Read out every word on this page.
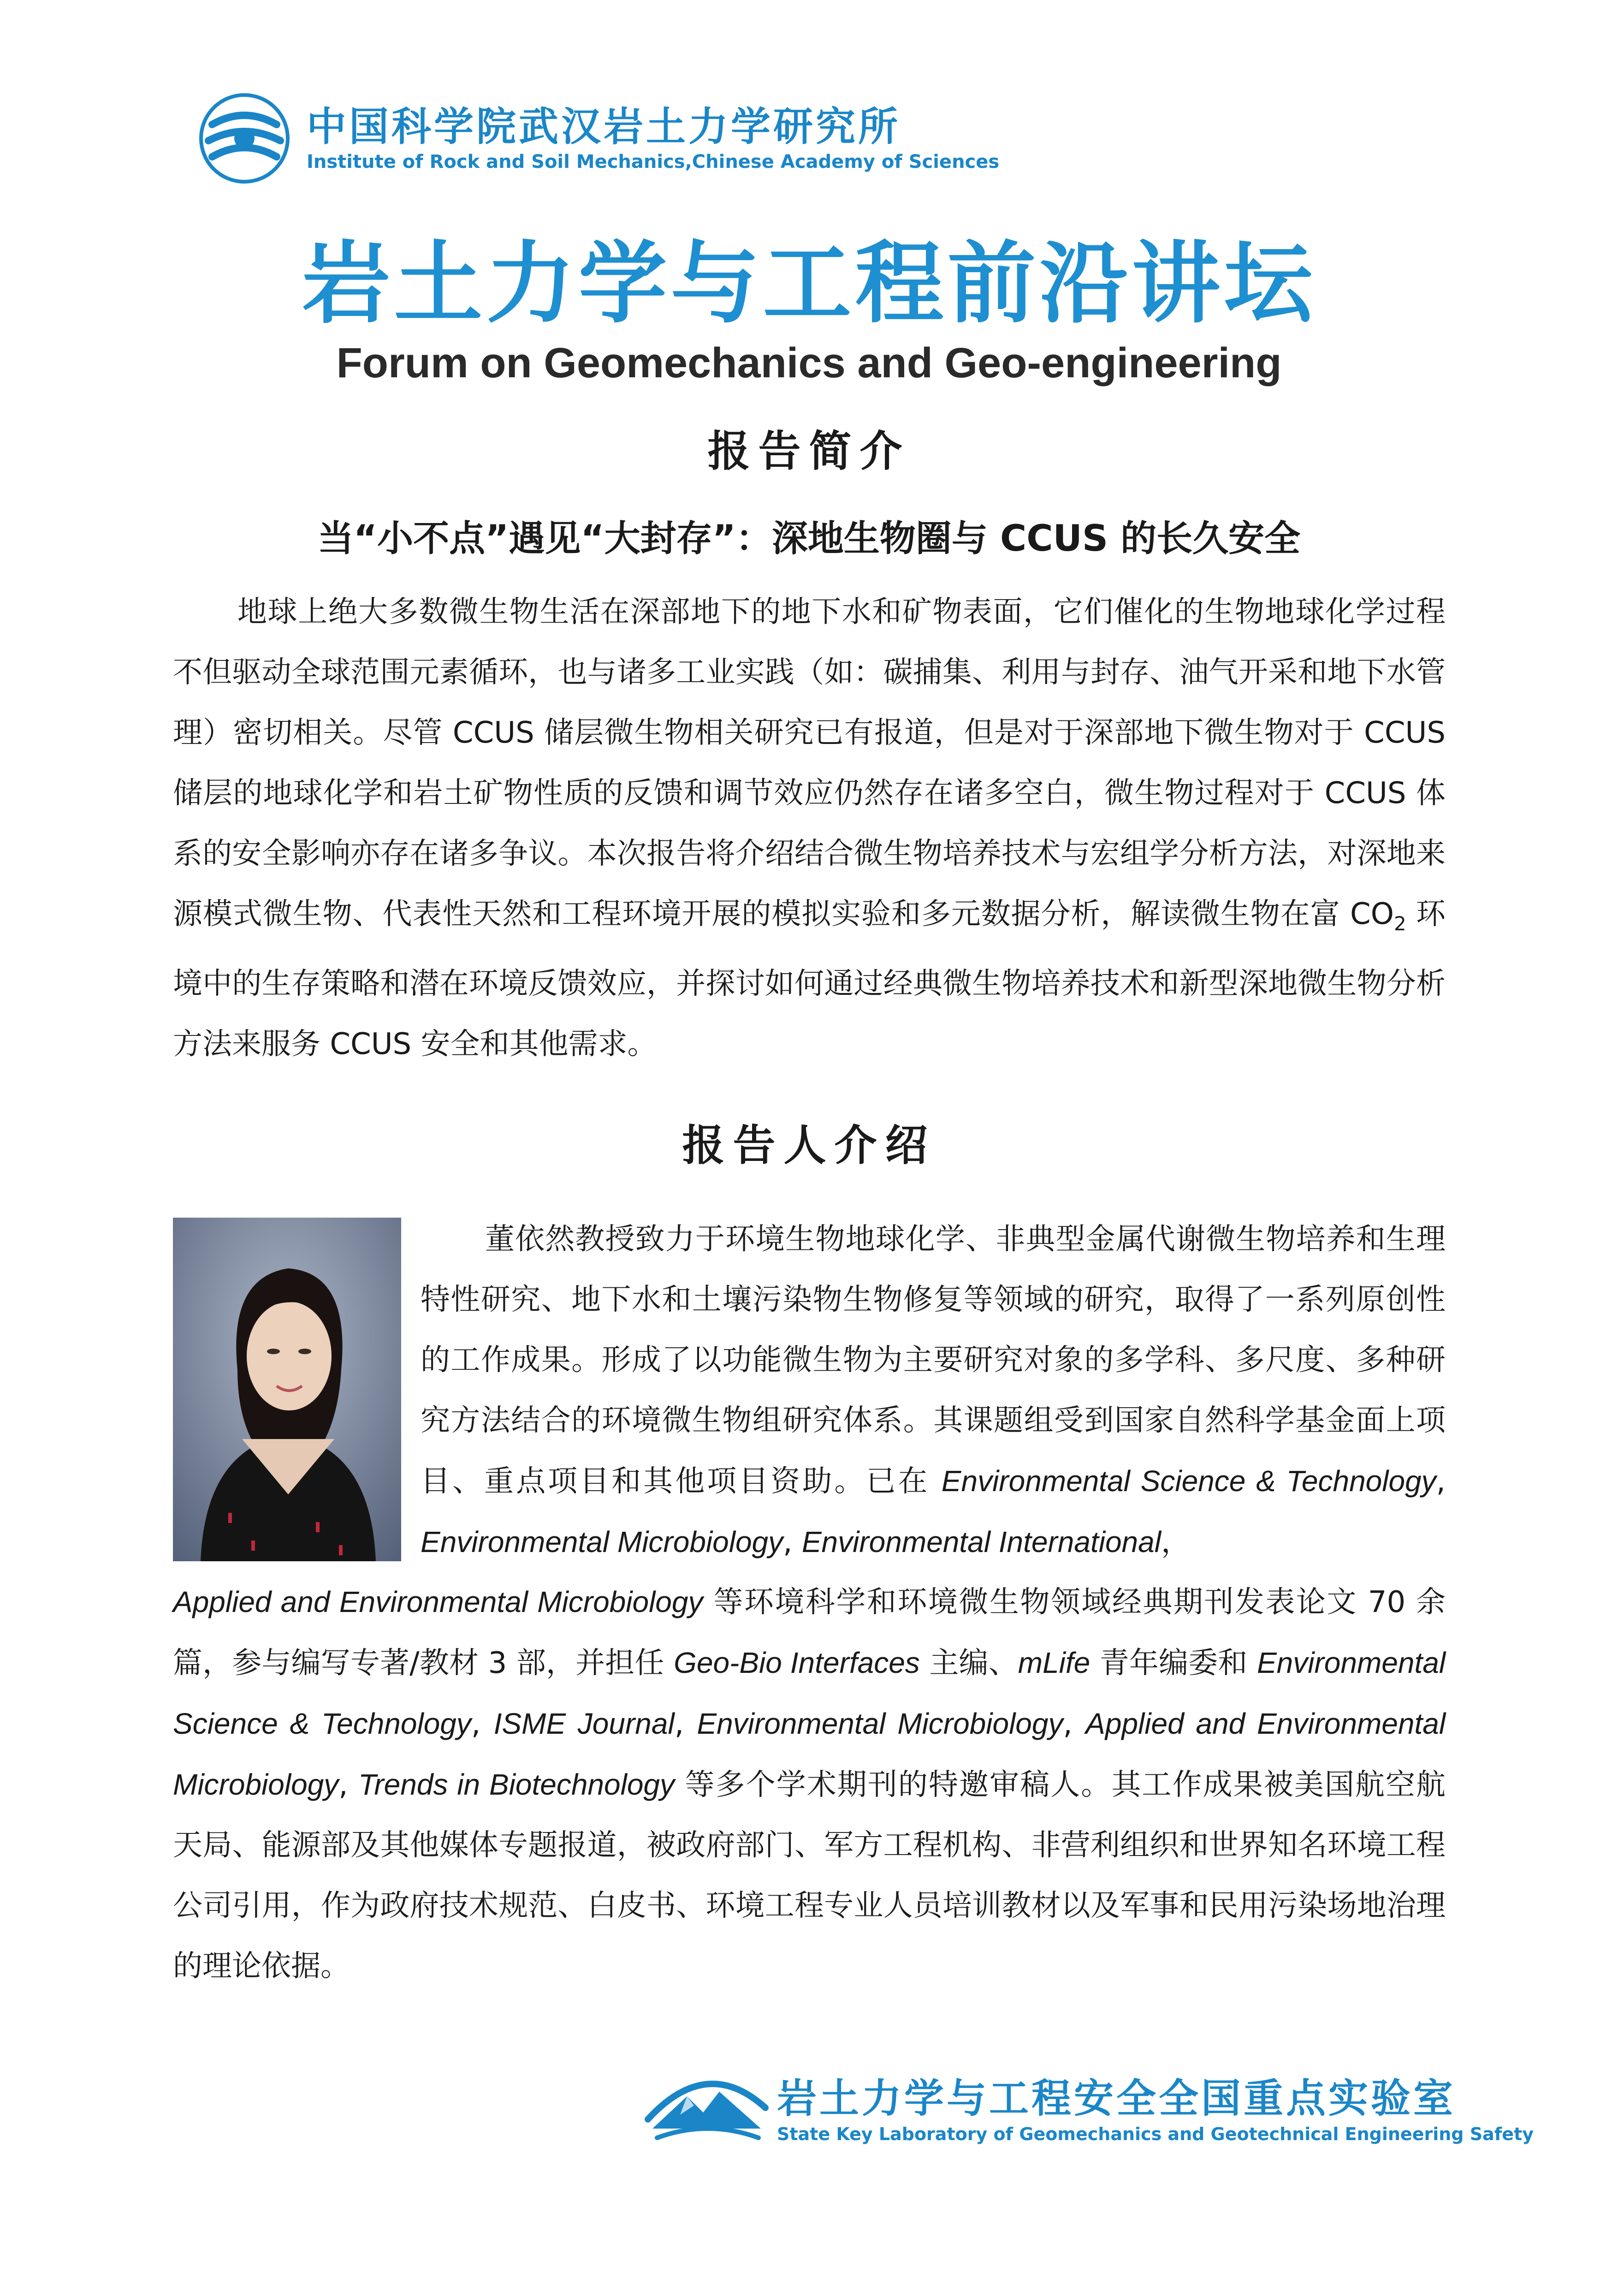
中国科学院武汉岩土力学研究所
Institute of Rock and Soil Mechanics,Chinese Academy of Sciences
岩土力学与工程前沿讲坛
Forum on Geomechanics and Geo-engineering
报告简介
当“小不点”遇见“大封存”：深地生物圈与 CCUS 的长久安全

地球上绝大多数微生物生活在深部地下的地下水和矿物表面，它们催化的生物地球化学过程不但驱动全球范围元素循环，也与诸多工业实践（如：碳捕集、利用与封存、油气开采和地下水管理）密切相关。尽管 CCUS 储层微生物相关研究已有报道，但是对于深部地下微生物对于 CCUS 储层的地球化学和岩土矿物性质的反馈和调节效应仍然存在诸多空白，微生物过程对于 CCUS 体系的安全影响亦存在诸多争议。本次报告将介绍结合微生物培养技术与宏组学分析方法，对深地来源模式微生物、代表性天然和工程环境开展的模拟实验和多元数据分析，解读微生物在富 $CO_2$ 环境中的生存策略和潜在环境反馈效应，并探讨如何通过经典微生物培养技术和新型深地微生物分析方法来服务 CCUS 安全和其他需求。

报告人介绍

董依然教授致力于环境生物地球化学、非典型金属代谢微生物培养和生理特性研究、地下水和土壤污染物生物修复等领域的研究，取得了一系列原创性的工作成果。形成了以功能微生物为主要研究对象的多学科、多尺度、多种研究方法结合的环境微生物组研究体系。其课题组受到国家自然科学基金面上项目、重点项目和其他项目资助。已在 Environmental Science & Technology, Environmental Microbiology, Environmental International，

Applied and Environmental Microbiology 等环境科学和环境微生物领域经典期刊发表论文 70 余篇，参与编写专著/教材 3 部，并担任 Geo-Bio Interfaces 主编、mLife 青年编委和 Environmental Science & Technology, ISME Journal, Environmental Microbiology, Applied and Environmental Microbiology, Trends in Biotechnology 等多个学术期刊的特邀审稿人。其工作成果被美国航空航天局、能源部及其他媒体专题报道，被政府部门、军方工程机构、非营利组织和世界知名环境工程公司引用，作为政府技术规范、白皮书、环境工程专业人员培训教材以及军事和民用污染场地治理的理论依据。

岩土力学与工程安全全国重点实验室
State Key Laboratory of Geomechanics and Geotechnical Engineering Safety
